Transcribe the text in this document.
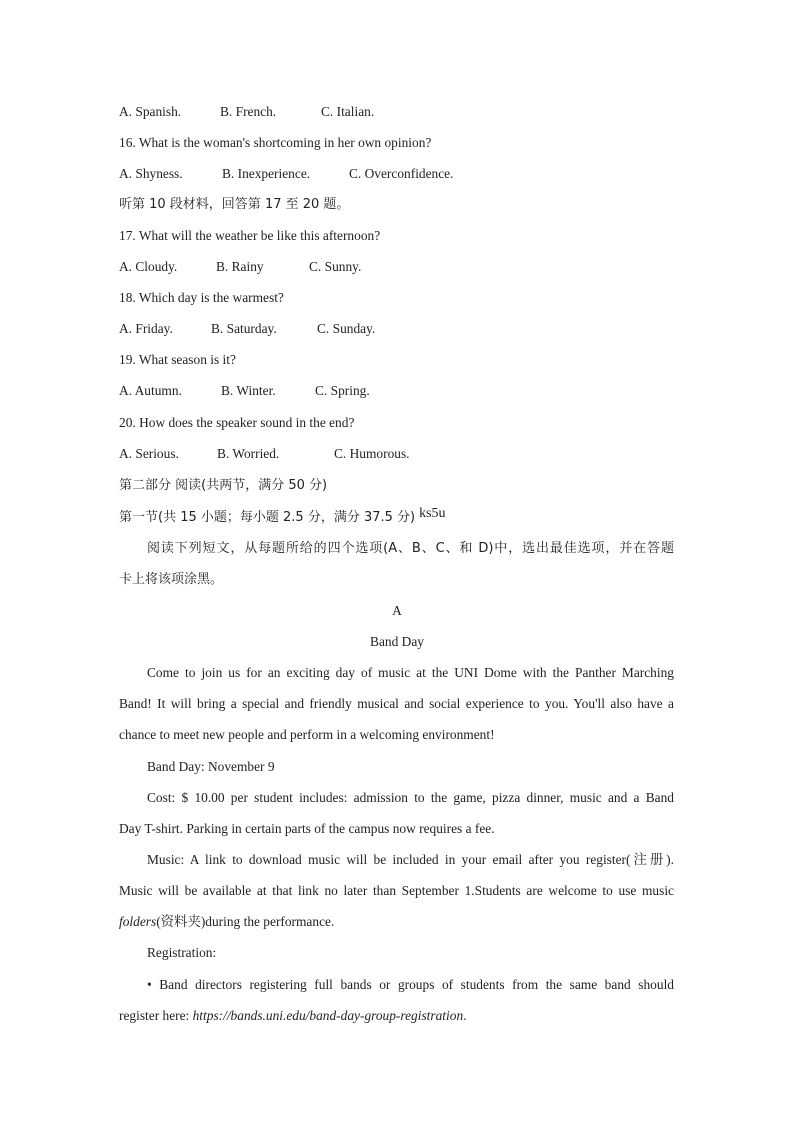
A. Spanish.	B. French.	C. Italian.
16. What is the woman's shortcoming in her own opinion?
A. Shyness.	B. Inexperience.	C. Overconfidence.
听第 10 段材料，回答第 17 至 20 题。
17. What will the weather be like this afternoon?
A. Cloudy.	B. Rainy	C. Sunny.
18. Which day is the warmest?
A. Friday.	B. Saturday.	C. Sunday.
19. What season is it?
A. Autumn.	B. Winter.	C. Spring.
20. How does the speaker sound in the end?
A. Serious.	B. Worried.	C. Humorous.
第二部分 阅读(共两节，满分 50 分)
第一节(共 15 小题；每小题 2.5 分，满分 37.5 分) ks5u
阅读下列短文，从每题所给的四个选项(A、B、C、和 D)中，选出最佳选项，并在答题
卡上将该项涂黑。
A
Band Day
Come to join us for an exciting day of music at the UNI Dome with the Panther Marching
Band! It will bring a special and friendly musical and social experience to you. You'll also have a
chance to meet new people and perform in a welcoming environment!
Band Day: November 9
Cost: $ 10.00 per student includes: admission to the game, pizza dinner, music and a Band
Day T-shirt. Parking in certain parts of the campus now requires a fee.
Music: A link to download music will be included in your email after you register(注册).
Music will be available at that link no later than September 1.Students are welcome to use music
folders(资料夹)during the performance.
Registration:
• Band directors registering full bands or groups of students from the same band should
register here: https://bands.uni.edu/band-day-group-registration.
